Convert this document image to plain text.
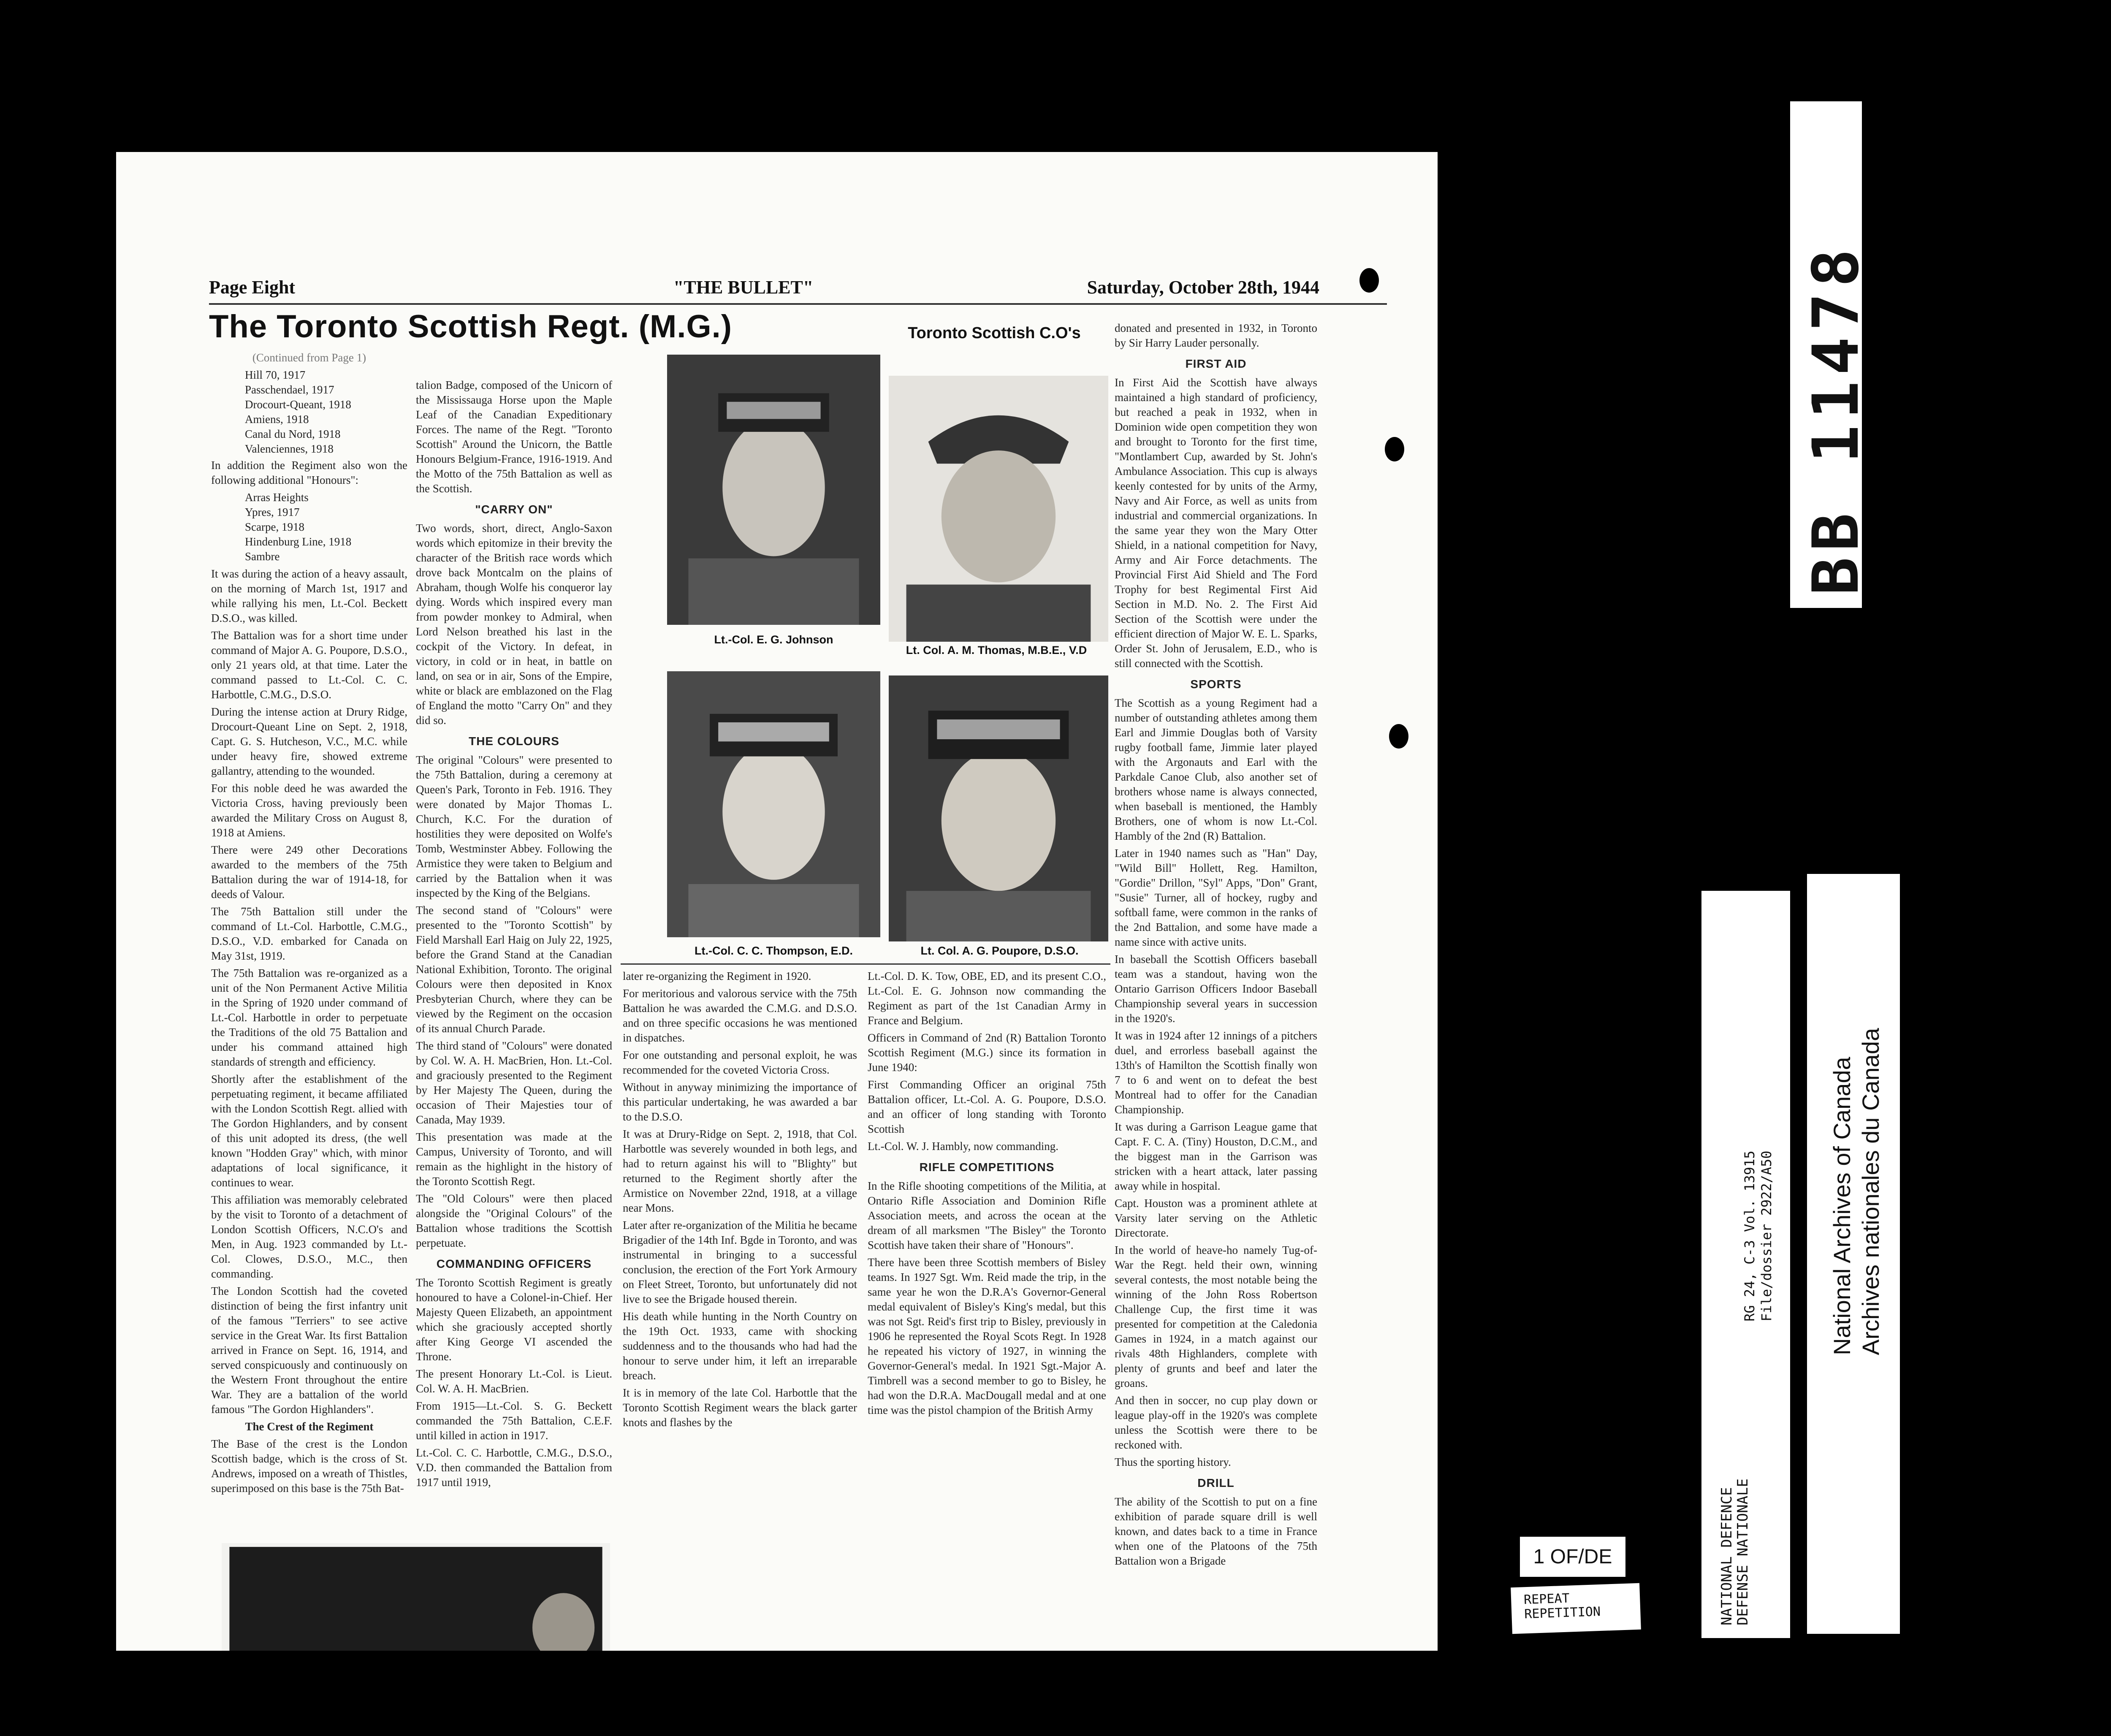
Page Eight	"THE BULLET"	Saturday, October 28th, 1944
The Toronto Scottish Regt. (M.G.)

(Continued from Page 1)

Hill 70, 1917

Passchendael, 1917

Drocourt-Queant, 1918

Amiens, 1918

Canal du Nord, 1918

Valenciennes, 1918

In addition the Regiment also won the following additional "Honours":

Arras Heights

Ypres, 1917

Scarpe, 1918

Hindenburg Line, 1918

Sambre

It was during the action of a heavy assault, on the morning of March 1st, 1917 and while rallying his men, Lt.-Col. Beckett D.S.O., was killed.

The Battalion was for a short time under command of Major A. G. Poupore, D.S.O., only 21 years old, at that time. Later the command passed to Lt.-Col. C. C. Harbottle, C.M.G., D.S.O.

During the intense action at Drury Ridge, Drocourt-Queant Line on Sept. 2, 1918, Capt. G. S. Hutcheson, V.C., M.C. while under heavy fire, showed extreme gallantry, attending to the wounded.

For this noble deed he was awarded the Victoria Cross, having previously been awarded the Military Cross on August 8, 1918 at Amiens.

There were 249 other Decorations awarded to the members of the 75th Battalion during the war of 1914-18, for deeds of Valour.

The 75th Battalion still under the command of Lt.-Col. Harbottle, C.M.G., D.S.O., V.D. embarked for Canada on May 31st, 1919.

The 75th Battalion was re-organized as a unit of the Non Permanent Active Militia in the Spring of 1920 under command of Lt.-Col. Harbottle in order to perpetuate the Traditions of the old 75 Battalion and under his command attained high standards of strength and efficiency.

Shortly after the establishment of the perpetuating regiment, it became affiliated with the London Scottish Regt. allied with The Gordon Highlanders, and by consent of this unit adopted its dress, (the well known "Hodden Gray" which, with minor adaptations of local significance, it continues to wear.

This affiliation was memorably celebrated by the visit to Toronto of a detachment of London Scottish Officers, N.C.O's and Men, in Aug. 1923 commanded by Lt.-Col. Clowes, D.S.O., M.C., then commanding.

The London Scottish had the coveted distinction of being the first infantry unit of the famous "Terriers" to see active service in the Great War. Its first Battalion arrived in France on Sept. 16, 1914, and served conspicuously and continuously on the Western Front throughout the entire War. They are a battalion of the world famous "The Gordon Highlanders".

The Crest of the Regiment

The Base of the crest is the London Scottish badge, which is the cross of St. Andrews, imposed on a wreath of Thistles, superimposed on this base is the 75th Bat-

talion Badge, composed of the Unicorn of the Mississauga Horse upon the Maple Leaf of the Canadian Expeditionary Forces. The name of the Regt. "Toronto Scottish" Around the Unicorn, the Battle Honours Belgium-France, 1916-1919. And the Motto of the 75th Battalion as well as the Scottish.

"CARRY ON"

Two words, short, direct, Anglo-Saxon words which epitomize in their brevity the character of the British race words which drove back Montcalm on the plains of Abraham, though Wolfe his conqueror lay dying. Words which inspired every man from powder monkey to Admiral, when Lord Nelson breathed his last in the cockpit of the Victory. In defeat, in victory, in cold or in heat, in battle on land, on sea or in air, Sons of the Empire, white or black are emblazoned on the Flag of England the motto "Carry On" and they did so.

THE COLOURS

The original "Colours" were presented to the 75th Battalion, during a ceremony at Queen's Park, Toronto in Feb. 1916. They were donated by Major Thomas L. Church, K.C. For the duration of hostilities they were deposited on Wolfe's Tomb, Westminster Abbey. Following the Armistice they were taken to Belgium and carried by the Battalion when it was inspected by the King of the Belgians.

The second stand of "Colours" were presented to the "Toronto Scottish" by Field Marshall Earl Haig on July 22, 1925, before the Grand Stand at the Canadian National Exhibition, Toronto. The original Colours were then deposited in Knox Presbyterian Church, where they can be viewed by the Regiment on the occasion of its annual Church Parade.

The third stand of "Colours" were donated by Col. W. A. H. MacBrien, Hon. Lt.-Col. and graciously presented to the Regiment by Her Majesty The Queen, during the occasion of Their Majesties tour of Canada, May 1939.

This presentation was made at the Campus, University of Toronto, and will remain as the highlight in the history of the Toronto Scottish Regt.

The "Old Colours" were then placed alongside the "Original Colours" of the Battalion whose traditions the Scottish perpetuate.

COMMANDING OFFICERS

The Toronto Scottish Regiment is greatly honoured to have a Colonel-in-Chief. Her Majesty Queen Elizabeth, an appointment which she graciously accepted shortly after King George VI ascended the Throne.

The present Honorary Lt.-Col. is Lieut. Col. W. A. H. MacBrien.

From 1915—Lt.-Col. S. G. Beckett commanded the 75th Battalion, C.E.F. until killed in action in 1917.

Lt.-Col. C. C. Harbottle, C.M.G., D.S.O., V.D. then commanded the Battalion from 1917 until 1919,

Toronto Scottish C.O's
Lt.-Col. E. G. Johnson
Lt. Col. A. M. Thomas, M.B.E., V.D
Lt.-Col. C. C. Thompson, E.D.	Lt. Col. A. G. Poupore, D.S.O.

later re-organizing the Regiment in 1920.

For meritorious and valorous service with the 75th Battalion he was awarded the C.M.G. and D.S.O. and on three specific occasions he was mentioned in dispatches.

For one outstanding and personal exploit, he was recommended for the coveted Victoria Cross.

Without in anyway minimizing the importance of this particular undertaking, he was awarded a bar to the D.S.O.

It was at Drury-Ridge on Sept. 2, 1918, that Col. Harbottle was severely wounded in both legs, and had to return against his will to "Blighty" but returned to the Regiment shortly after the Armistice on November 22nd, 1918, at a village near Mons.

Later after re-organization of the Militia he became Brigadier of the 14th Inf. Bgde in Toronto, and was instrumental in bringing to a successful conclusion, the erection of the Fort York Armoury on Fleet Street, Toronto, but unfortunately did not live to see the Brigade housed therein.

His death while hunting in the North Country on the 19th Oct. 1933, came with shocking suddenness and to the thousands who had had the honour to serve under him, it left an irreparable breach.

It is in memory of the late Col. Harbottle that the Toronto Scottish Regiment wears the black garter knots and flashes by the

Lt.-Col. D. K. Tow, OBE, ED, and its present C.O., Lt.-Col. E. G. Johnson now commanding the Regiment as part of the 1st Canadian Army in France and Belgium.

Officers in Command of 2nd (R) Battalion Toronto Scottish Regiment (M.G.) since its formation in June 1940:

First Commanding Officer an original 75th Battalion officer, Lt.-Col. A. G. Poupore, D.S.O. and an officer of long standing with Toronto Scottish

Lt.-Col. W. J. Hambly, now commanding.

RIFLE COMPETITIONS

In the Rifle shooting competitions of the Militia, at Ontario Rifle Association and Dominion Rifle Association meets, and across the ocean at the dream of all marksmen "The Bisley" the Toronto Scottish have taken their share of "Honours".

There have been three Scottish members of Bisley teams. In 1927 Sgt. Wm. Reid made the trip, in the same year he won the D.R.A's Governor-General medal equivalent of Bisley's King's medal, but this was not Sgt. Reid's first trip to Bisley, previously in 1906 he represented the Royal Scots Regt. In 1928 he repeated his victory of 1927, in winning the Governor-General's medal. In 1921 Sgt.-Major A. Timbrell was a second member to go to Bisley, he had won the D.R.A. MacDougall medal and at one time was the pistol champion of the British Army

donated and presented in 1932, in Toronto by Sir Harry Lauder personally.

FIRST AID

In First Aid the Scottish have always maintained a high standard of proficiency, but reached a peak in 1932, when in Dominion wide open competition they won and brought to Toronto for the first time, "Montlambert Cup, awarded by St. John's Ambulance Association. This cup is always keenly contested for by units of the Army, Navy and Air Force, as well as units from industrial and commercial organizations. In the same year they won the Mary Otter Shield, in a national competition for Navy, Army and Air Force detachments. The Provincial First Aid Shield and The Ford Trophy for best Regimental First Aid Section in M.D. No. 2. The First Aid Section of the Scottish were under the efficient direction of Major W. E. L. Sparks, Order St. John of Jerusalem, E.D., who is still connected with the Scottish.

SPORTS

The Scottish as a young Regiment had a number of outstanding athletes among them Earl and Jimmie Douglas both of Varsity rugby football fame, Jimmie later played with the Argonauts and Earl with the Parkdale Canoe Club, also another set of brothers whose name is always connected, when baseball is mentioned, the Hambly Brothers, one of whom is now Lt.-Col. Hambly of the 2nd (R) Battalion.

Later in 1940 names such as "Han" Day, "Wild Bill" Hollett, Reg. Hamilton, "Gordie" Drillon, "Syl" Apps, "Don" Grant, "Susie" Turner, all of hockey, rugby and softball fame, were common in the ranks of the 2nd Battalion, and some have made a name since with active units.

In baseball the Scottish Officers baseball team was a standout, having won the Ontario Garrison Officers Indoor Baseball Championship several years in succession in the 1920's.

It was in 1924 after 12 innings of a pitchers duel, and errorless baseball against the 13th's of Hamilton the Scottish finally won 7 to 6 and went on to defeat the best Montreal had to offer for the Canadian Championship.

It was during a Garrison League game that Capt. F. C. A. (Tiny) Houston, D.C.M., and the biggest man in the Garrison was stricken with a heart attack, later passing away while in hospital.

Capt. Houston was a prominent athlete at Varsity later serving on the Athletic Directorate.

In the world of heave-ho namely Tug-of-War the Regt. held their own, winning several contests, the most notable being the winning of the John Ross Robertson Challenge Cup, the first time it was presented for competition at the Caledonia Games in 1924, in a match against our rivals 48th Highlanders, complete with plenty of grunts and beef and later the groans.

And then in soccer, no cup play down or league play-off in the 1920's was complete unless the Scottish were there to be reckoned with.

Thus the sporting history.

DRILL

The ability of the Scottish to put on a fine exhibition of parade square drill is well known, and dates back to a time in France when one of the Platoons of the 75th Battalion won a Brigade

BB 11478
NATIONAL DEFENCE
DEFENSE NATIONALE
RG 24, C-3 Vol. 13915 File/dossier 2922/A50 National Archives of Canada Archives nationales du Canada
1 OF/DE
REPEAT
REPETITION
